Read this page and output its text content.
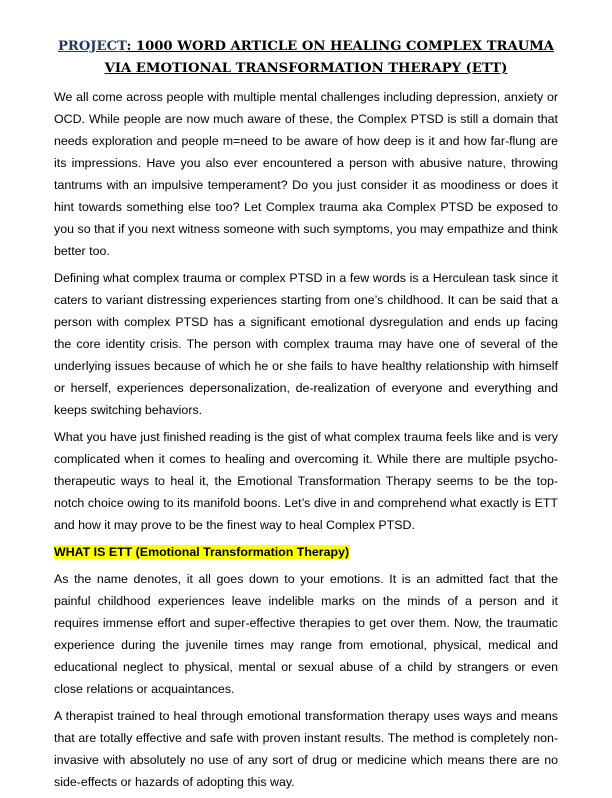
PROJECT: 1000 WORD ARTICLE ON HEALING COMPLEX TRAUMA VIA EMOTIONAL TRANSFORMATION THERAPY (ETT)

We all come across people with multiple mental challenges including depression, anxiety or OCD. While people are now much aware of these, the Complex PTSD is still a domain that needs exploration and people m=need to be aware of how deep is it and how far-flung are its impressions. Have you also ever encountered a person with abusive nature, throwing tantrums with an impulsive temperament? Do you just consider it as moodiness or does it hint towards something else too? Let Complex trauma aka Complex PTSD be exposed to you so that if you next witness someone with such symptoms, you may empathize and think better too.

Defining what complex trauma or complex PTSD in a few words is a Herculean task since it caters to variant distressing experiences starting from one’s childhood. It can be said that a person with complex PTSD has a significant emotional dysregulation and ends up facing the core identity crisis. The person with complex trauma may have one of several of the underlying issues because of which he or she fails to have healthy relationship with himself or herself, experiences depersonalization, de-realization of everyone and everything and keeps switching behaviors.

What you have just finished reading is the gist of what complex trauma feels like and is very complicated when it comes to healing and overcoming it. While there are multiple psycho-therapeutic ways to heal it, the Emotional Transformation Therapy seems to be the top-notch choice owing to its manifold boons. Let’s dive in and comprehend what exactly is ETT and how it may prove to be the finest way to heal Complex PTSD.

WHAT IS ETT (Emotional Transformation Therapy)

As the name denotes, it all goes down to your emotions. It is an admitted fact that the painful childhood experiences leave indelible marks on the minds of a person and it requires immense effort and super-effective therapies to get over them. Now, the traumatic experience during the juvenile times may range from emotional, physical, medical and educational neglect to physical, mental or sexual abuse of a child by strangers or even close relations or acquaintances.

A therapist trained to heal through emotional transformation therapy uses ways and means that are totally effective and safe with proven instant results. The method is completely non-invasive with absolutely no use of any sort of drug or medicine which means there are no side-effects or hazards of adopting this way.
